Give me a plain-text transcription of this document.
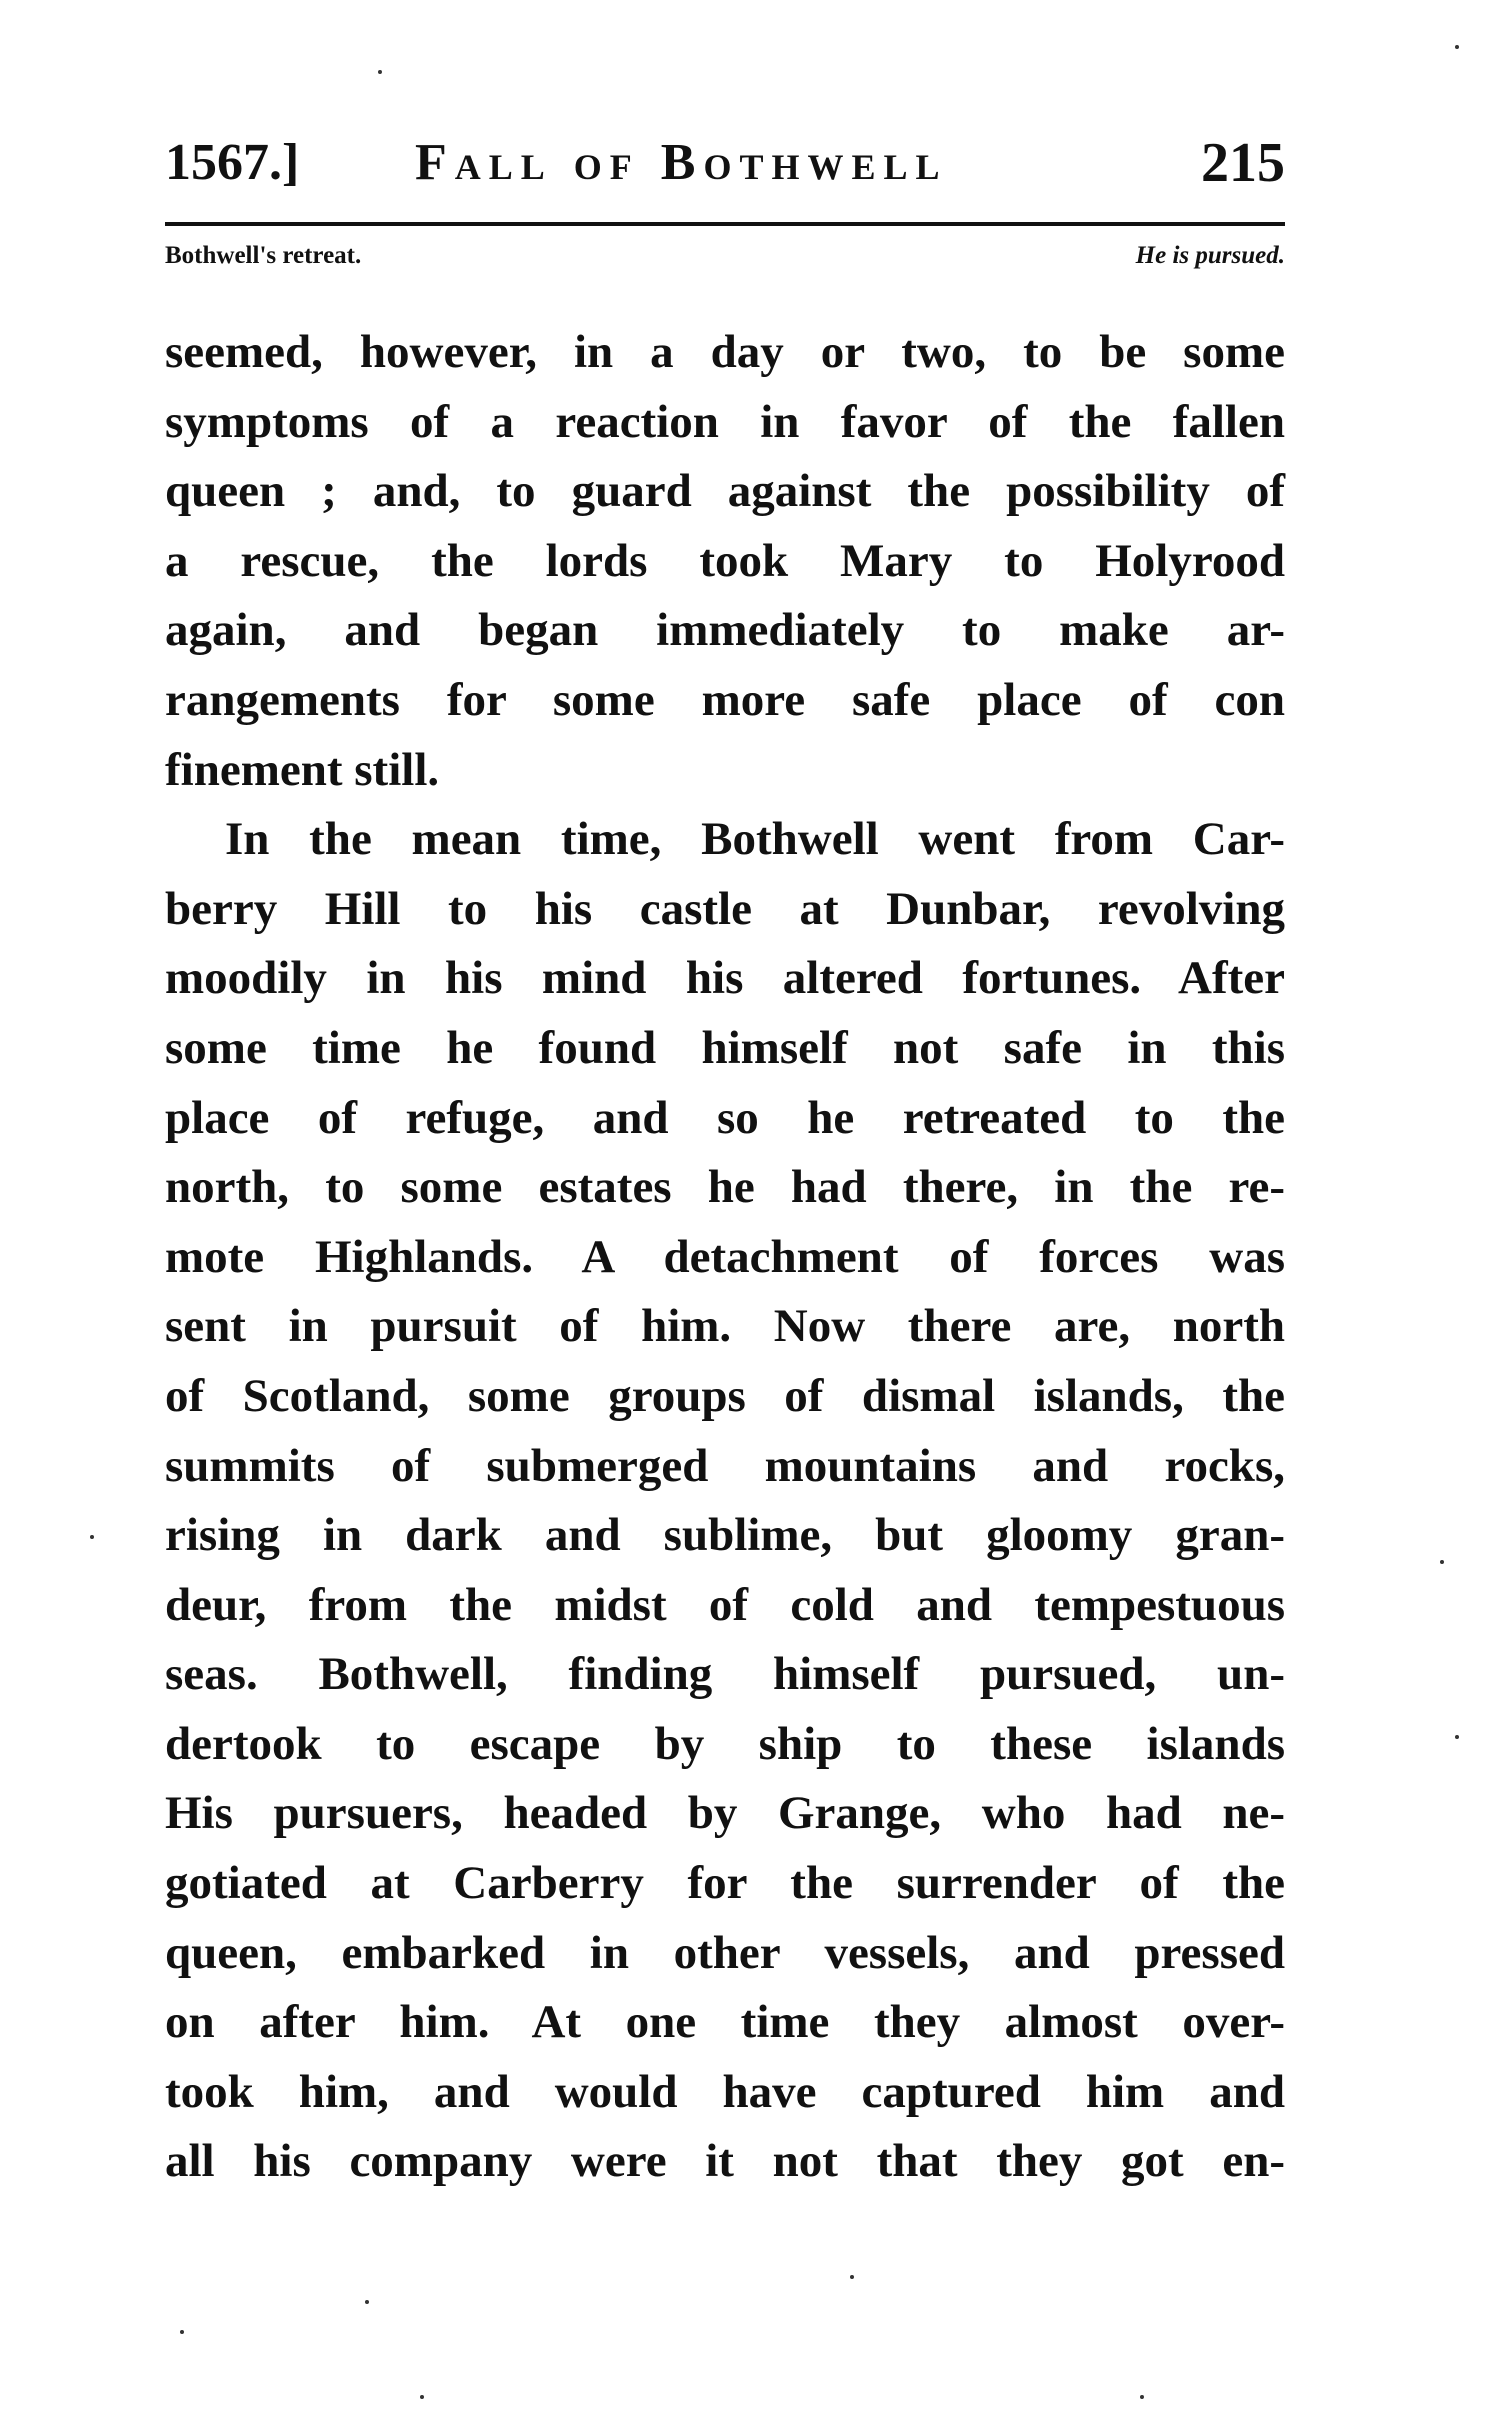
1567.] Fall of Bothwell	215
Bothwell's retreat.	He is pursued.
seemed, however, in a day or two, to be some
symptoms of a reaction in favor of the fallen
queen ; and, to guard against the possibility of
a rescue, the lords took Mary to Holyrood
again, and began immediately to make ar-
rangements for some more safe place of con
finement still.
In the mean time, Bothwell went from Car-
berry Hill to his castle at Dunbar, revolving
moodily in his mind his altered fortunes. After
some time he found himself not safe in this
place of refuge, and so he retreated to the
north, to some estates he had there, in the re-
mote Highlands. A detachment of forces was
sent in pursuit of him. Now there are, north
of Scotland, some groups of dismal islands, the
summits of submerged mountains and rocks,
rising in dark and sublime, but gloomy gran-
deur, from the midst of cold and tempestuous
seas. Bothwell, finding himself pursued, un-
dertook to escape by ship to these islands
His pursuers, headed by Grange, who had ne-
gotiated at Carberry for the surrender of the
queen, embarked in other vessels, and pressed
on after him. At one time they almost over-
took him, and would have captured him and
all his company were it not that they got en-
